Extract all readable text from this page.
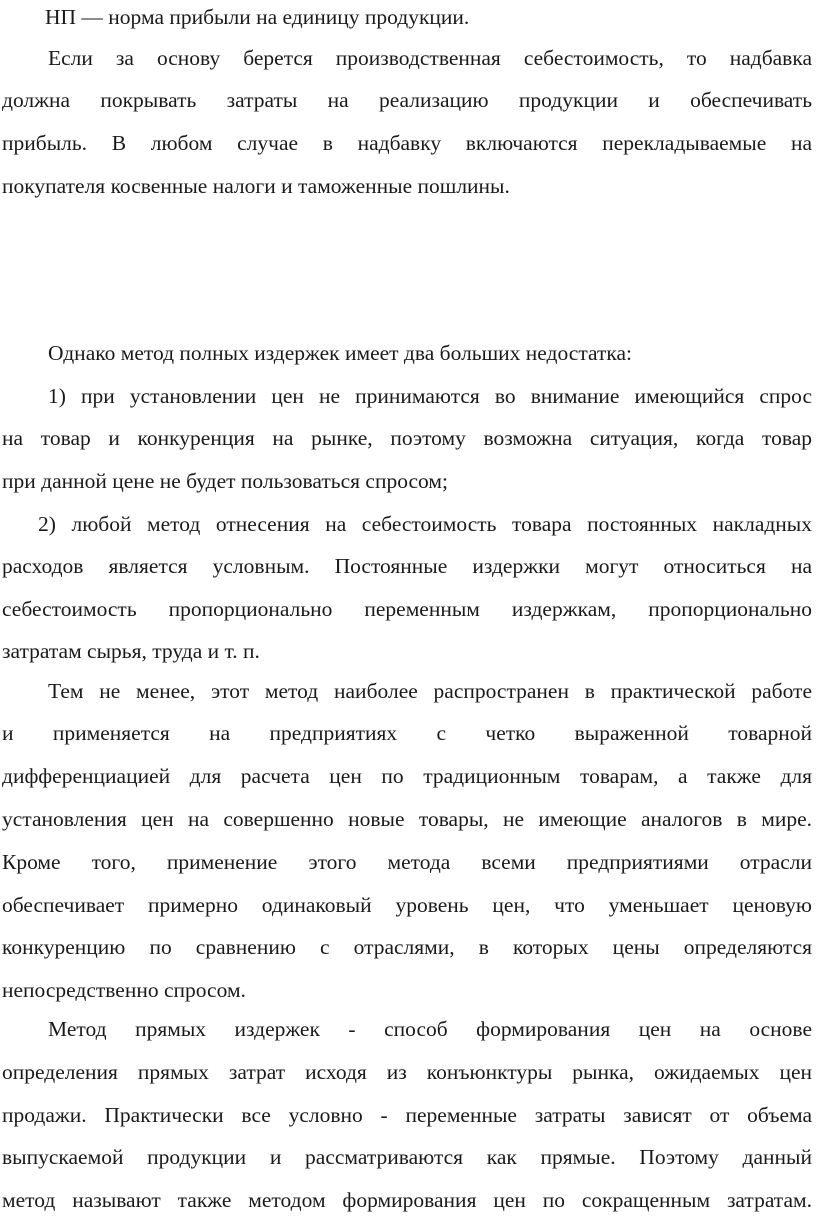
НП — норма прибыли на единицу продукции.
Если за основу берется производственная себестоимость, то надбавка
должна покрывать затраты на реализацию продукции и обеспечивать
прибыль. В любом случае в надбавку включаются перекладываемые на
покупателя косвенные налоги и таможенные пошлины.
Однако метод полных издержек имеет два больших недостатка:
1) при установлении цен не принимаются во внимание имеющийся спрос
на товар и конкуренция на рынке, поэтому возможна ситуация, когда товар
при данной цене не будет пользоваться спросом;
2) любой метод отнесения на себестоимость товара постоянных накладных
расходов является условным. Постоянные издержки могут относиться на
себестоимость пропорционально переменным издержкам, пропорционально
затратам сырья, труда и т. п.
Тем не менее, этот метод наиболее распространен в практической работе
и применяется на предприятиях с четко выраженной товарной
дифференциацией для расчета цен по традиционным товарам, а также для
установления цен на совершенно новые товары, не имеющие аналогов в мире.
Кроме того, применение этого метода всеми предприятиями отрасли
обеспечивает примерно одинаковый уровень цен, что уменьшает ценовую
конкуренцию по сравнению с отраслями, в которых цены определяются
непосредственно спросом.
Метод прямых издержек - способ формирования цен на основе
определения прямых затрат исходя из конъюнктуры рынка, ожидаемых цен
продажи. Практически все условно - переменные затраты зависят от объема
выпускаемой продукции и рассматриваются как прямые. Поэтому данный
метод называют также методом формирования цен по сокращенным затратам.
